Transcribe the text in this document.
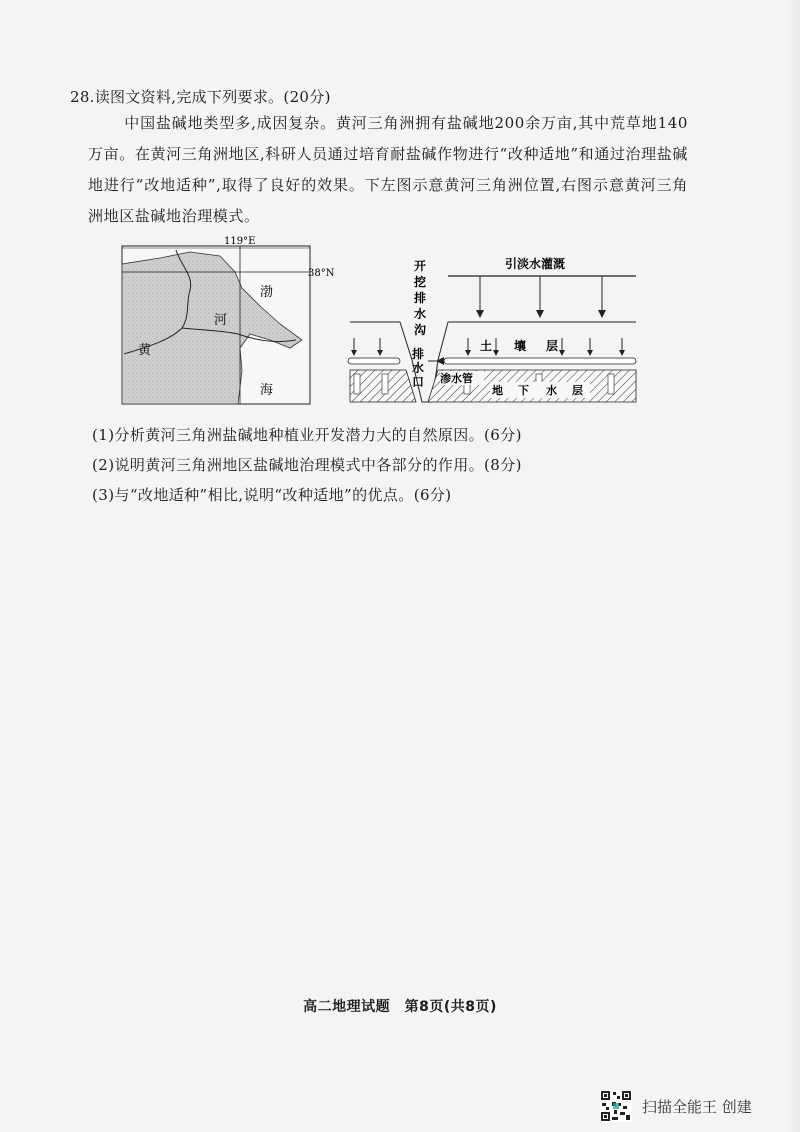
28.读图文资料,完成下列要求。(20分)
中国盐碱地类型多,成因复杂。黄河三角洲拥有盐碱地200余万亩,其中荒草地140万亩。在黄河三角洲地区,科研人员通过培育耐盐碱作物进行“改种适地”和通过治理盐碱地进行“改地适种”,取得了良好的效果。下左图示意黄河三角洲位置,右图示意黄河三角洲地区盐碱地治理模式。
119°E
38°N
渤
海
河
黄
引淡水灌溉
开
挖
排
水
沟
排
水
口
土 壤 层
渗水管
地 下 水 层
(1)分析黄河三角洲盐碱地种植业开发潜力大的自然原因。(6分)
(2)说明黄河三角洲地区盐碱地治理模式中各部分的作用。(8分)
(3)与“改地适种”相比,说明“改种适地”的优点。(6分)
高二地理试题　第8页(共8页)
扫描全能王 创建
